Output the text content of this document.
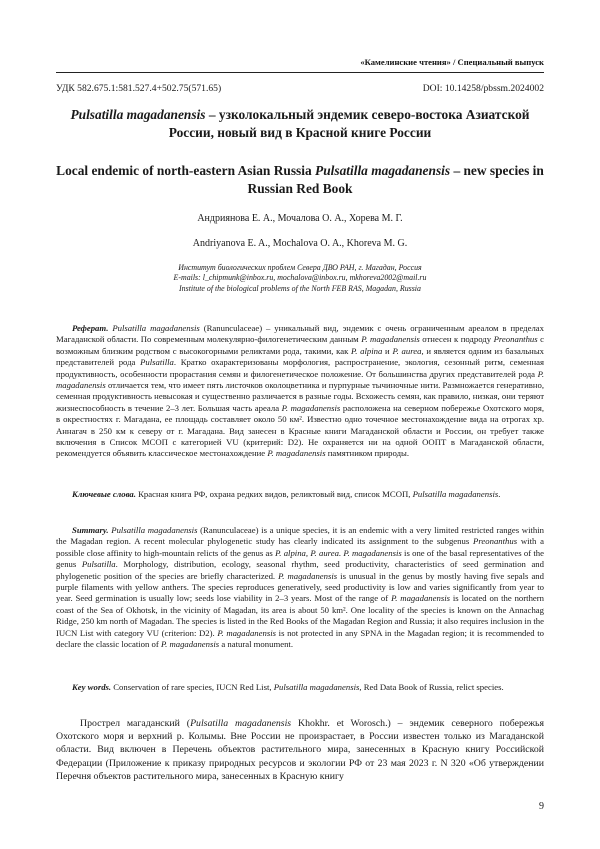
«Камелинские чтения» / Специальный выпуск
УДК 582.675.1:581.527.4+502.75(571.65)	DOI: 10.14258/pbssm.2024002
Pulsatilla magadanensis – узколокальный эндемик северо-востока Азиатской России, новый вид в Красной книге России
Local endemic of north-eastern Asian Russia Pulsatilla magadanensis – new species in Russian Red Book
Андриянова Е. А., Мочалова О. А., Хорева М. Г.
Andriyanova E. A., Mochalova O. A., Khoreva M. G.
Институт биологических проблем Севера ДВО РАН, г. Магадан, Россия
E-mails: l_chipmunk@inbox.ru, mochalova@inbox.ru, mkhoreva2002@mail.ru
Institute of the biological problems of the North FEB RAS, Magadan, Russia
Реферат. Pulsatilla magadanensis (Ranunculaceae) – уникальный вид, эндемик с очень ограниченным ареалом в пределах Магаданской области. По современным молекулярно-филогенетическим данным P. magadanensis отнесен к подроду Preonanthus с возможным близким родством с высокогорными реликтами рода, такими, как P. alpina и P. aurea, и является одним из базальных представителей рода Pulsatilla. Кратко охарактеризованы морфология, распространение, экология, сезонный ритм, семенная продуктивность, особенности прорастания семян и филогенетическое положение. От большинства других представителей рода P. magadanensis отличается тем, что имеет пять листочков околоцветника и пурпурные тычиночные нити. Размножается генеративно, семенная продуктивность невысокая и существенно различается в разные годы. Всхожесть семян, как правило, низкая, они теряют жизнеспособность в течение 2–3 лет. Большая часть ареала P. magadanensis расположена на северном побережье Охотского моря, в окрестностях г. Магадана, ее площадь составляет около 50 км². Известно одно точечное местонахождение вида на отрогах хр. Аннагач в 250 км к северу от г. Магадана. Вид занесен в Красные книги Магаданской области и России, он требует также включения в Список МСОП с категорией VU (критерий: D2). Не охраняется ни на одной ООПТ в Магаданской области, рекомендуется объявить классическое местонахождение P. magadanensis памятником природы.
Ключевые слова. Красная книга РФ, охрана редких видов, реликтовый вид, список МСОП, Pulsatilla magadanensis.
Summary. Pulsatilla magadanensis (Ranunculaceae) is a unique species, it is an endemic with a very limited restricted ranges within the Magadan region. A recent molecular phylogenetic study has clearly indicated its assignment to the subgenus Preonanthus with a possible close affinity to high-mountain relicts of the genus as P. alpina, P. aurea. P. magadanensis is one of the basal representatives of the genus Pulsatilla. Morphology, distribution, ecology, seasonal rhythm, seed productivity, characteristics of seed germination and phylogenetic position of the species are briefly characterized. P. magadanensis is unusual in the genus by mostly having five sepals and purple filaments with yellow anthers. The species reproduces generatively, seed productivity is low and varies significantly from year to year. Seed germination is usually low; seeds lose viability in 2–3 years. Most of the range of P. magadanensis is located on the northern coast of the Sea of Okhotsk, in the vicinity of Magadan, its area is about 50 km². One locality of the species is known on the Annachag Ridge, 250 km north of Magadan. The species is listed in the Red Books of the Magadan Region and Russia; it also requires inclusion in the IUCN List with category VU (criterion: D2). P. magadanensis is not protected in any SPNA in the Magadan region; it is recommended to declare the classic location of P. magadanensis a natural monument.
Key words. Conservation of rare species, IUCN Red List, Pulsatilla magadanensis, Red Data Book of Russia, relict species.
Прострел магаданский (Pulsatilla magadanensis Khokhr. et Worosch.) – эндемик северного побережья Охотского моря и верхний р. Колымы. Вне России не произрастает, в России известен только из Магаданской области. Вид включен в Перечень объектов растительного мира, занесенных в Красную книгу Российской Федерации (Приложение к приказу природных ресурсов и экологии РФ от 23 мая 2023 г. N 320 «Об утверждении Перечня объектов растительного мира, занесенных в Красную книгу
9
